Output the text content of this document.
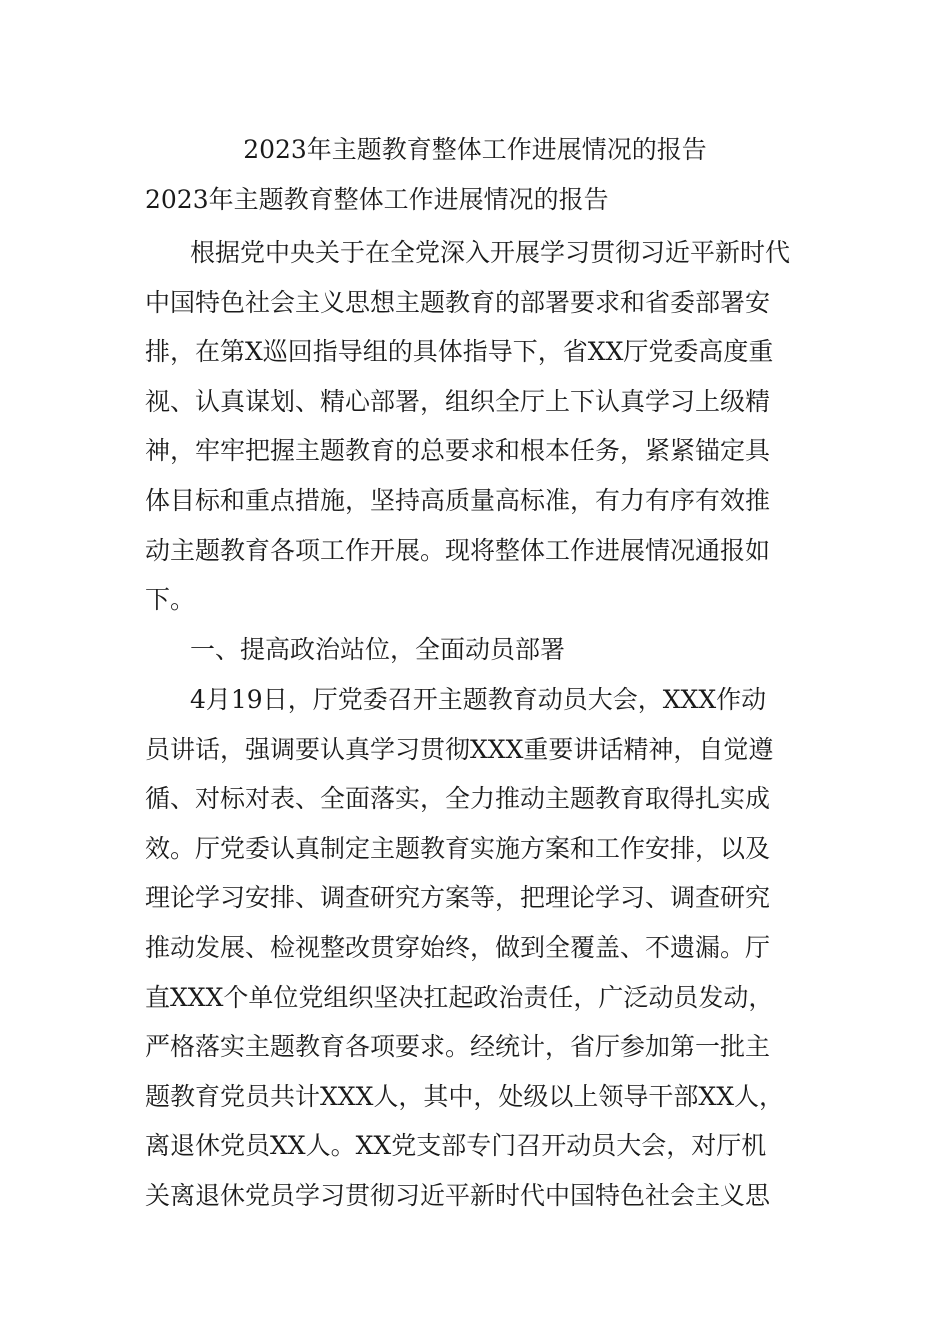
2023年主题教育整体工作进展情况的报告

2023年主题教育整体工作进展情况的报告

根据党中央关于在全党深入开展学习贯彻习近平新时代
中国特色社会主义思想主题教育的部署要求和省委部署安
排，在第X巡回指导组的具体指导下，省XX厅党委高度重
视、认真谋划、精心部署，组织全厅上下认真学习上级精
神，牢牢把握主题教育的总要求和根本任务，紧紧锚定具
体目标和重点措施，坚持高质量高标准，有力有序有效推
动主题教育各项工作开展。现将整体工作进展情况通报如
下。
一、提高政治站位，全面动员部署
4月19日，厅党委召开主题教育动员大会，XXX作动
员讲话，强调要认真学习贯彻XXX重要讲话精神，自觉遵
循、对标对表、全面落实，全力推动主题教育取得扎实成
效。厅党委认真制定主题教育实施方案和工作安排，以及
理论学习安排、调查研究方案等，把理论学习、调查研究
推动发展、检视整改贯穿始终，做到全覆盖、不遗漏。厅
直XXX个单位党组织坚决扛起政治责任，广泛动员发动，
严格落实主题教育各项要求。经统计，省厅参加第一批主
题教育党员共计XXX人，其中，处级以上领导干部XX人，
离退休党员XX人。XX党支部专门召开动员大会，对厅机
关离退休党员学习贯彻习近平新时代中国特色社会主义思
